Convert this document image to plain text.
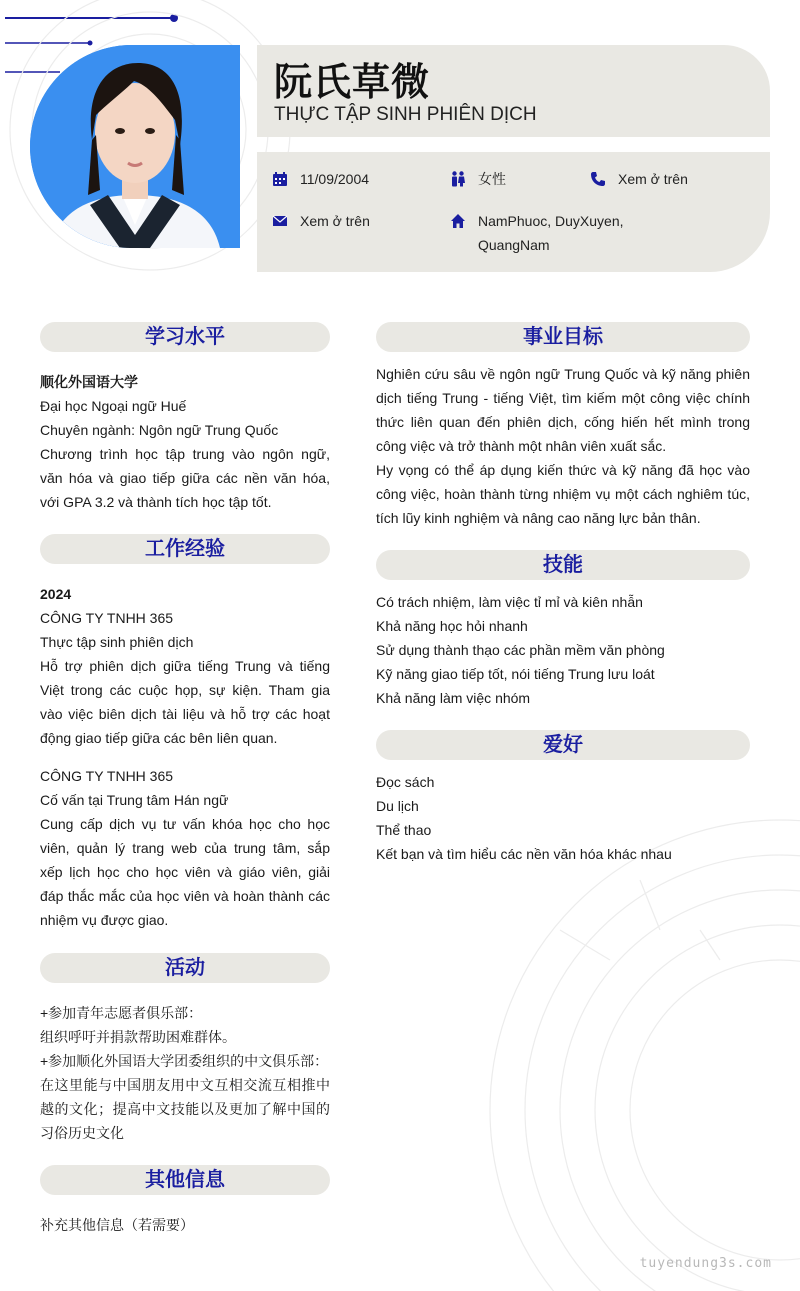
阮氏草微
THỰC TẬP SINH PHIÊN DỊCH
11/09/2004	女性	Xem ở trên
Xem ở trên	NamPhuoc, DuyXuyen,
QuangNam
学习水平

顺化外国语大学

Đại học Ngoại ngữ Huế

Chuyên ngành: Ngôn ngữ Trung Quốc

Chương trình học tập trung vào ngôn ngữ, văn hóa và giao tiếp giữa các nền văn hóa, với GPA 3.2 và thành tích học tập tốt.

工作经验

2024

CÔNG TY TNHH 365

Thực tập sinh phiên dịch

Hỗ trợ phiên dịch giữa tiếng Trung và tiếng Việt trong các cuộc họp, sự kiện. Tham gia vào việc biên dịch tài liệu và hỗ trợ các hoạt động giao tiếp giữa các bên liên quan.

CÔNG TY TNHH 365

Cố vấn tại Trung tâm Hán ngữ

Cung cấp dịch vụ tư vấn khóa học cho học viên, quản lý trang web của trung tâm, sắp xếp lịch học cho học viên và giáo viên, giải đáp thắc mắc của học viên và hoàn thành các nhiệm vụ được giao.

活动

+参加青年志愿者俱乐部：

组织呼吁并捐款帮助困难群体。

+参加顺化外国语大学团委组织的中文俱乐部：

在这里能与中国朋友用中文互相交流互相推中越的文化；提高中文技能以及更加了解中国的习俗历史文化

其他信息

补充其他信息（若需要）

事业目标

Nghiên cứu sâu về ngôn ngữ Trung Quốc và kỹ năng phiên dịch tiếng Trung - tiếng Việt, tìm kiếm một công việc chính thức liên quan đến phiên dịch, cống hiến hết mình trong công việc và trở thành một nhân viên xuất sắc.

Hy vọng có thể áp dụng kiến thức và kỹ năng đã học vào công việc, hoàn thành từng nhiệm vụ một cách nghiêm túc, tích lũy kinh nghiệm và nâng cao năng lực bản thân.

技能

Có trách nhiệm, làm việc tỉ mỉ và kiên nhẫn

Khả năng học hỏi nhanh

Sử dụng thành thạo các phần mềm văn phòng

Kỹ năng giao tiếp tốt, nói tiếng Trung lưu loát

Khả năng làm việc nhóm

爱好

Đọc sách

Du lịch

Thể thao

Kết bạn và tìm hiểu các nền văn hóa khác nhau

tuyendung3s.com
